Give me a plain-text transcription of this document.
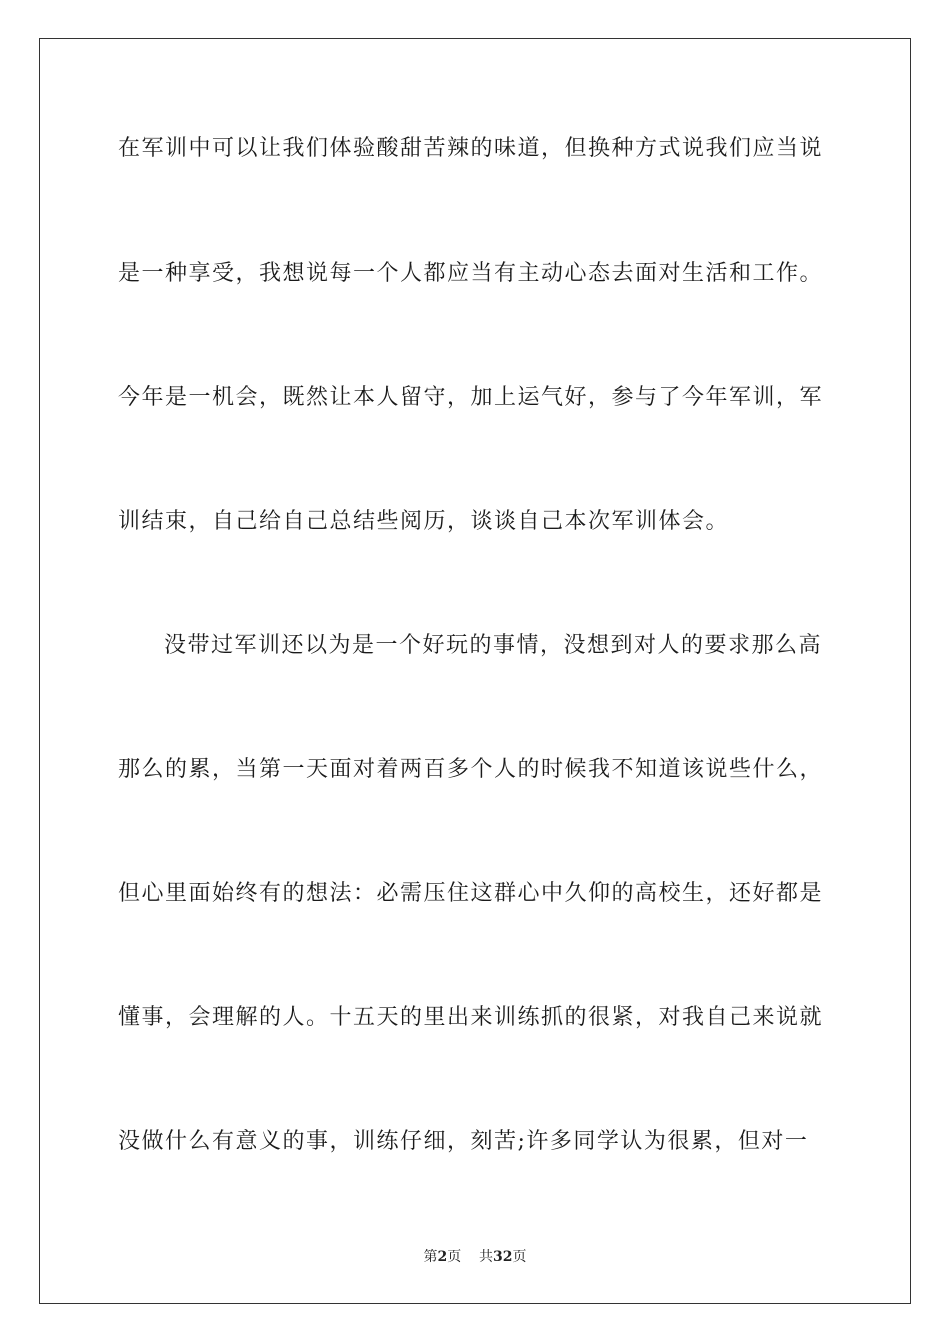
在军训中可以让我们体验酸甜苦辣的味道，但换种方式说我们应当说
是一种享受，我想说每一个人都应当有主动心态去面对生活和工作。
今年是一机会，既然让本人留守，加上运气好，参与了今年军训，军
训结束，自己给自己总结些阅历，谈谈自己本次军训体会。
没带过军训还以为是一个好玩的事情，没想到对人的要求那么高
那么的累，当第一天面对着两百多个人的时候我不知道该说些什么，
但心里面始终有的想法：必需压住这群心中久仰的高校生，还好都是
懂事，会理解的人。十五天的里出来训练抓的很紧，对我自己来说就
没做什么有意义的事，训练仔细，刻苦;许多同学认为很累，但对一
第2页 共32页
